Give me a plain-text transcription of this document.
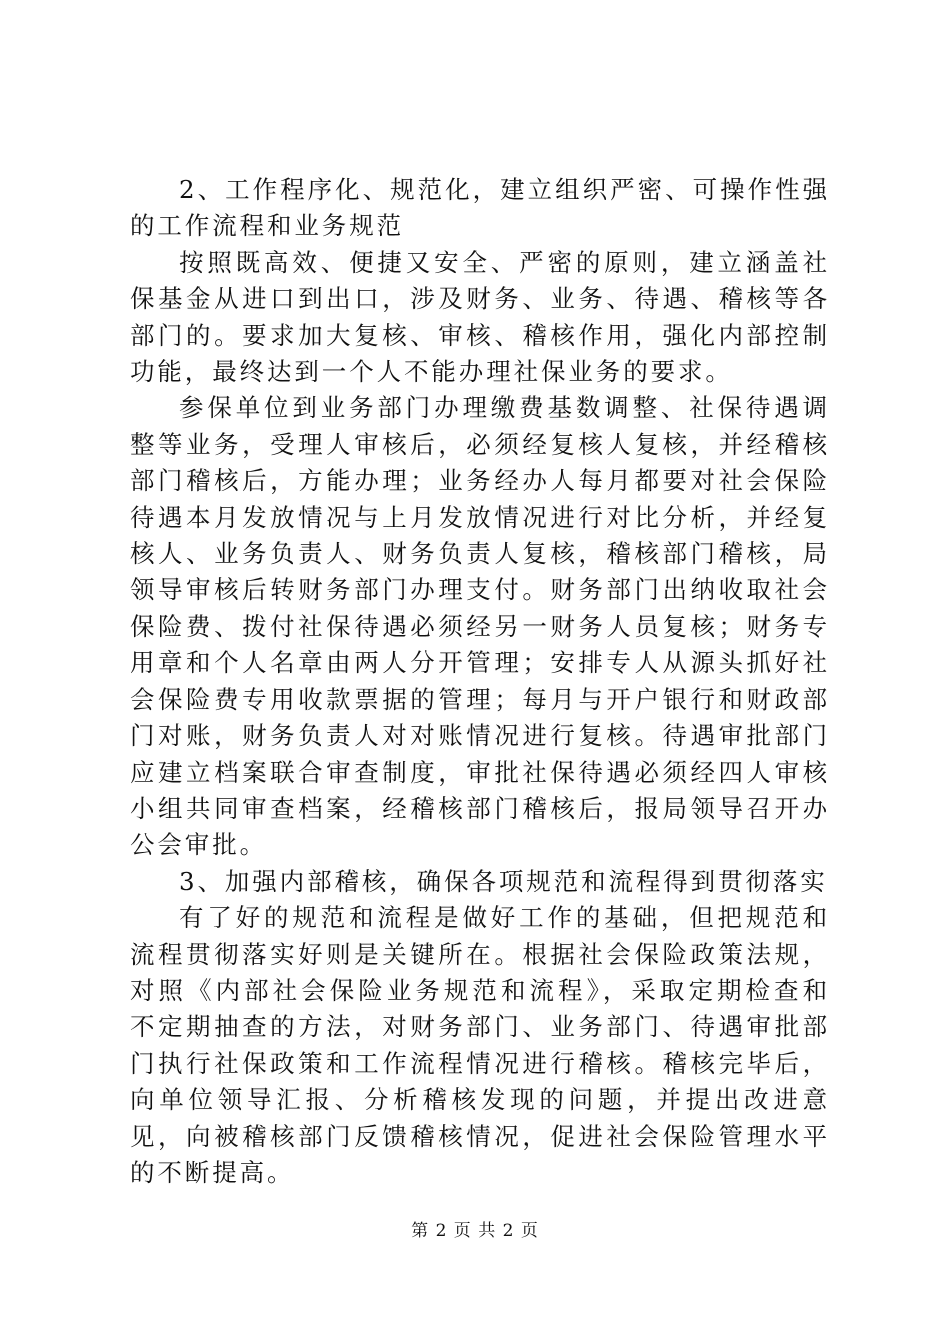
2、工作程序化、规范化，建立组织严密、可操作性强的工作流程和业务规范

按照既高效、便捷又安全、严密的原则，建立涵盖社保基金从进口到出口，涉及财务、业务、待遇、稽核等各部门的。要求加大复核、审核、稽核作用，强化内部控制功能，最终达到一个人不能办理社保业务的要求。

参保单位到业务部门办理缴费基数调整、社保待遇调整等业务，受理人审核后，必须经复核人复核，并经稽核部门稽核后，方能办理；业务经办人每月都要对社会保险待遇本月发放情况与上月发放情况进行对比分析，并经复核人、业务负责人、财务负责人复核，稽核部门稽核，局领导审核后转财务部门办理支付。财务部门出纳收取社会保险费、拨付社保待遇必须经另一财务人员复核；财务专用章和个人名章由两人分开管理；安排专人从源头抓好社会保险费专用收款票据的管理；每月与开户银行和财政部门对账，财务负责人对对账情况进行复核。待遇审批部门应建立档案联合审查制度，审批社保待遇必须经四人审核小组共同审查档案，经稽核部门稽核后，报局领导召开办公会审批。

3、加强内部稽核，确保各项规范和流程得到贯彻落实

有了好的规范和流程是做好工作的基础，但把规范和流程贯彻落实好则是关键所在。根据社会保险政策法规，对照《内部社会保险业务规范和流程》，采取定期检查和不定期抽查的方法，对财务部门、业务部门、待遇审批部门执行社保政策和工作流程情况进行稽核。稽核完毕后，向单位领导汇报、分析稽核发现的问题，并提出改进意见，向被稽核部门反馈稽核情况，促进社会保险管理水平的不断提高。

第 2 页 共 2 页
